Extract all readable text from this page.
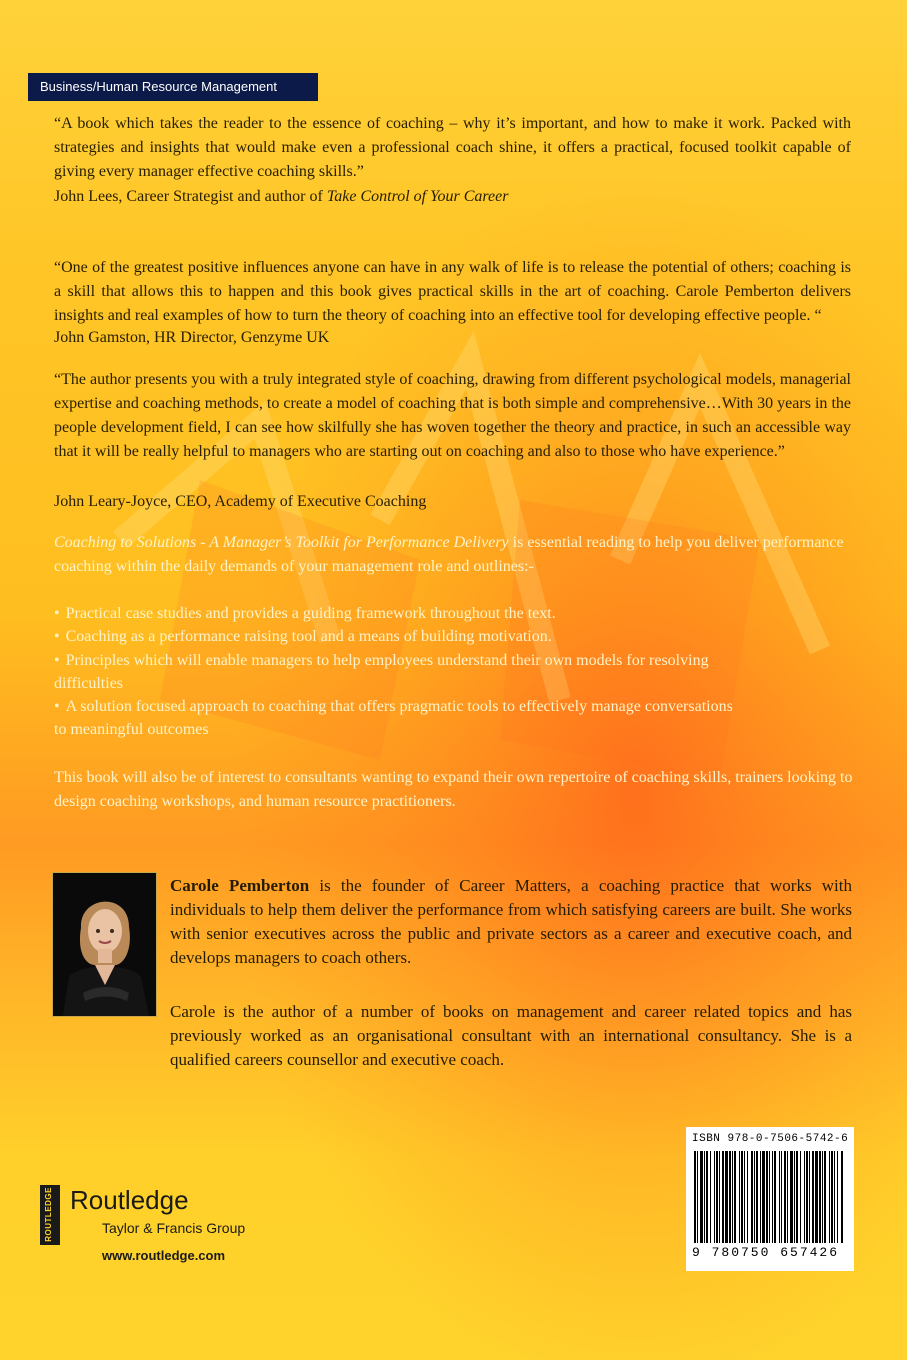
Business/Human Resource Management
“A book which takes the reader to the essence of coaching – why it’s important, and how to make it work. Packed with strategies and insights that would make even a professional coach shine, it offers a practical, focused toolkit capable of giving every manager effective coaching skills.”
John Lees, Career Strategist and author of Take Control of Your Career
“One of the greatest positive influences anyone can have in any walk of life is to release the potential of others; coaching is a skill that allows this to happen and this book gives practical skills in the art of coaching. Carole Pemberton delivers insights and real examples of how to turn the theory of coaching into an effective tool for developing effective people. “
John Gamston, HR Director, Genzyme UK
“The author presents you with a truly integrated style of coaching, drawing from different psychological models, managerial expertise and coaching methods, to create a model of coaching that is both simple and comprehensive…With 30 years in the people development field, I can see how skilfully she has woven together the theory and practice, in such an accessible way that it will be really helpful to managers who are starting out on coaching and also to those who have experience.”
John Leary-Joyce, CEO, Academy of Executive Coaching
Coaching to Solutions - A Manager’s Toolkit for Performance Delivery is essential reading to help you deliver performance coaching within the daily demands of your management role and outlines:-
• Practical case studies and provides a guiding framework throughout the text.
• Coaching as a performance raising tool and a means of building motivation.
• Principles which will enable managers to help employees understand their own models for resolving difficulties
• A solution focused approach to coaching that offers pragmatic tools to effectively manage conversations to meaningful outcomes
This book will also be of interest to consultants wanting to expand their own repertoire of coaching skills, trainers looking to design coaching workshops, and human resource practitioners.
Carole Pemberton is the founder of Career Matters, a coaching practice that works with individuals to help them deliver the performance from which satisfying careers are built. She works with senior executives across the public and private sectors as a career and executive coach, and develops managers to coach others.
Carole is the author of a number of books on management and career related topics and has previously worked as an organisational consultant with an international consultancy. She is a qualified careers counsellor and executive coach.
ISBN 978-0-7506-5742-6
9 780750 657426
ROUTLEDGE Routledge
Taylor & Francis Group
www.routledge.com
